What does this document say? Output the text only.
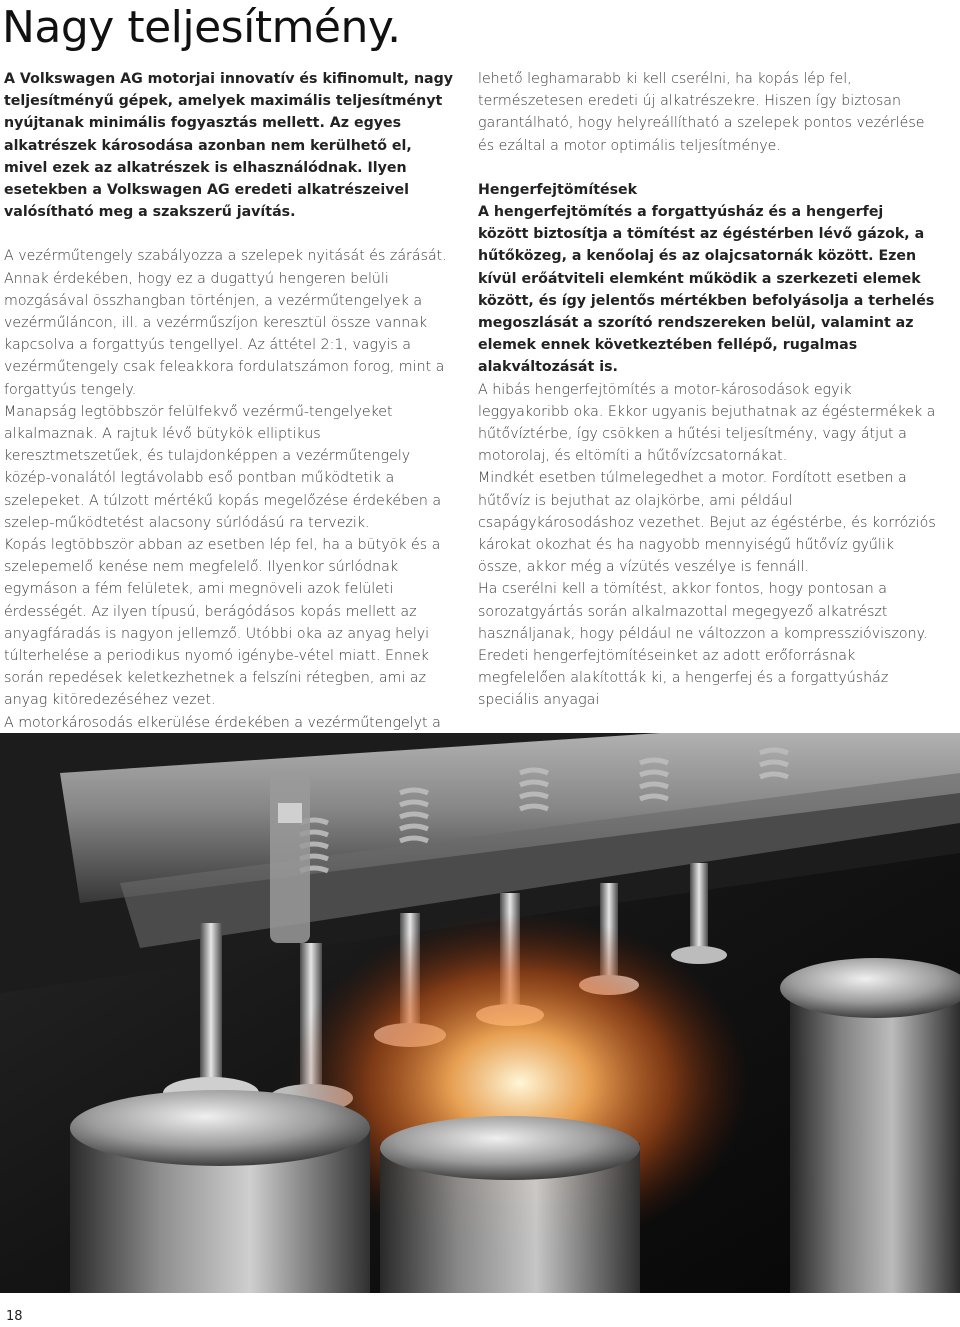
Nagy teljesítmény.

A Volkswagen AG motorjai innovatív és kifinomult, nagy teljesítményű gépek, amelyek maximális teljesítményt nyújtanak minimális fogyasztás mellett. Az egyes alkatrészek károsodása azonban nem kerülhető el, mivel ezek az alkatrészek is elhasználódnak. Ilyen esetekben a Volkswagen AG eredeti alkatrészeivel valósítható meg a szakszerű javítás.

A vezérműtengely szabályozza a szelepek nyitását és zárását. Annak érdekében, hogy ez a dugattyú hengeren belüli mozgásával összhangban történjen, a vezérműtengelyek a vezérműláncon, ill. a vezérműszíjon keresztül össze vannak kapcsolva a forgattyús tengellyel. Az áttétel 2:1, vagyis a vezérműtengely csak feleakkora fordulatszámon forog, mint a forgattyús tengely.

Manapság legtöbbször felülfekvő vezérmű-tengelyeket alkalmaznak. A rajtuk lévő bütykök elliptikus keresztmetszetűek, és tulajdonképpen a vezérműtengely közép-vonalától legtávolabb eső pontban működtetik a szelepeket. A túlzott mértékű kopás megelőzése érdekében a szelep-működtetést alacsony súrlódású ra tervezik.

Kopás legtöbbször abban az esetben lép fel, ha a bütyök és a szelepemelő kenése nem megfelelő. Ilyenkor súrlódnak egymáson a fém felületek, ami megnöveli azok felületi érdességét. Az ilyen típusú, berágódásos kopás mellett az anyagfáradás is nagyon jellemző. Utóbbi oka az anyag helyi túlterhelése a periodikus nyomó igénybe-vétel miatt. Ennek során repedések keletkezhetnek a felszíni rétegben, ami az anyag kitöredezéséhez vezet.

A motorkárosodás elkerülése érdekében a vezérműtengelyt a

lehető leghamarabb ki kell cserélni, ha kopás lép fel, természetesen eredeti új alkatrészekre. Hiszen így biztosan garantálható, hogy helyreállítható a szelepek pontos vezérlése és ezáltal a motor optimális teljesítménye.

Hengerfejtömítések

A hengerfejtömítés a forgattyúsház és a hengerfej között biztosítja a tömítést az égéstérben lévő gázok, a hűtőközeg, a kenőolaj és az olajcsatornák között. Ezen kívül erőátviteli elemként működik a szerkezeti elemek között, és így jelentős mértékben befolyásolja a terhelés megoszlását a szorító rendszereken belül, valamint az elemek ennek következtében fellépő, rugalmas alakváltozását is.

A hibás hengerfejtömítés a motor-károsodások egyik leggyakoribb oka. Ekkor ugyanis bejuthatnak az égéstermékek a hűtővíztérbe, így csökken a hűtési teljesítmény, vagy átjut a motorolaj, és eltömíti a hűtővízcsatornákat.

Mindkét esetben túlmelegedhet a motor. Fordított esetben a hűtővíz is bejuthat az olajkörbe, ami például csapágykárosodáshoz vezethet. Bejut az égéstérbe, és korróziós károkat okozhat és ha nagyobb mennyiségű hűtővíz gyűlik össze, akkor még a vízütés veszélye is fennáll.

Ha cserélni kell a tömítést, akkor fontos, hogy pontosan a sorozatgyártás során alkalmazottal megegyező alkatrészt használjanak, hogy például ne változzon a kompresszióviszony.

Eredeti hengerfejtömítéseinket az adott erőforrásnak megfelelően alakították ki, a hengerfej és a forgattyúsház speciális anyagai

18
